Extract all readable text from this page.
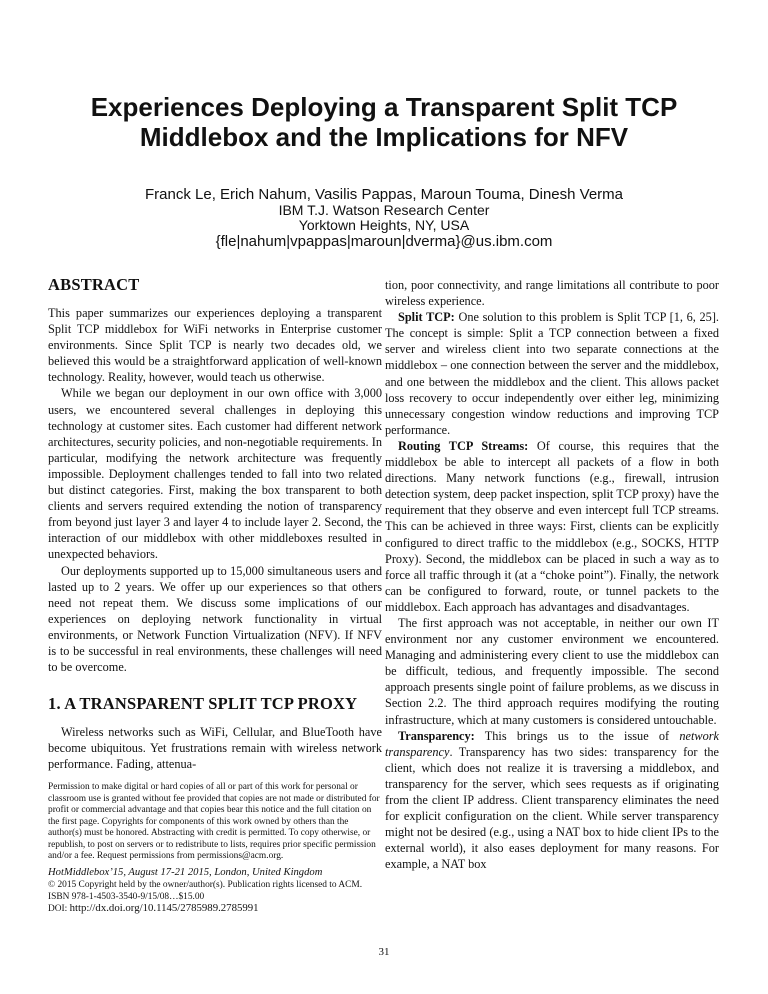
Experiences Deploying a Transparent Split TCP
Middlebox and the Implications for NFV
Franck Le, Erich Nahum, Vasilis Pappas, Maroun Touma, Dinesh Verma
IBM T.J. Watson Research Center
Yorktown Heights, NY, USA
{fle|nahum|vpappas|maroun|dverma}@us.ibm.com
ABSTRACT

This paper summarizes our experiences deploying a transparent Split TCP middlebox for WiFi networks in Enterprise customer environments. Since Split TCP is nearly two decades old, we believed this would be a straightforward application of well-known technology. Reality, however, would teach us otherwise.

While we began our deployment in our own office with 3,000 users, we encountered several challenges in deploying this technology at customer sites. Each customer had different network architectures, security policies, and non-negotiable requirements. In particular, modifying the network architecture was frequently impossible. Deployment challenges tended to fall into two related but distinct categories. First, making the box transparent to both clients and servers required extending the notion of transparency from beyond just layer 3 and layer 4 to include layer 2. Second, the interaction of our middlebox with other middleboxes resulted in unexpected behaviors.

Our deployments supported up to 15,000 simultaneous users and lasted up to 2 years. We offer up our experiences so that others need not repeat them. We discuss some implications of our experiences on deploying network functionality in virtual environments, or Network Function Virtualization (NFV). If NFV is to be successful in real environments, these challenges will need to be overcome.

1. A TRANSPARENT SPLIT TCP PROXY

Wireless networks such as WiFi, Cellular, and BlueTooth have become ubiquitous. Yet frustrations remain with wireless network performance. Fading, attenua-

Permission to make digital or hard copies of all or part of this work for personal or classroom use is granted without fee provided that copies are not made or distributed for profit or commercial advantage and that copies bear this notice and the full citation on the first page. Copyrights for components of this work owned by others than the author(s) must be honored. Abstracting with credit is permitted. To copy otherwise, or republish, to post on servers or to redistribute to lists, requires prior specific permission and/or a fee. Request permissions from permissions@acm.org.
HotMiddlebox’15, August 17-21 2015, London, United Kingdom
© 2015 Copyright held by the owner/author(s). Publication rights licensed to ACM. ISBN 978-1-4503-3540-9/15/08…$15.00
DOI: http://dx.doi.org/10.1145/2785989.2785991

tion, poor connectivity, and range limitations all contribute to poor wireless experience.

Split TCP: One solution to this problem is Split TCP [1, 6, 25]. The concept is simple: Split a TCP connection between a fixed server and wireless client into two separate connections at the middlebox – one connection between the server and the middlebox, and one between the middlebox and the client. This allows packet loss recovery to occur independently over either leg, minimizing unnecessary congestion window reductions and improving TCP performance.

Routing TCP Streams: Of course, this requires that the middlebox be able to intercept all packets of a flow in both directions. Many network functions (e.g., firewall, intrusion detection system, deep packet inspection, split TCP proxy) have the requirement that they observe and even intercept full TCP streams. This can be achieved in three ways: First, clients can be explicitly configured to direct traffic to the middlebox (e.g., SOCKS, HTTP Proxy). Second, the middlebox can be placed in such a way as to force all traffic through it (at a “choke point”). Finally, the network can be configured to forward, route, or tunnel packets to the middlebox. Each approach has advantages and disadvantages.

The first approach was not acceptable, in neither our own IT environment nor any customer environment we encountered. Managing and administering every client to use the middlebox can be difficult, tedious, and frequently impossible. The second approach presents single point of failure problems, as we discuss in Section 2.2. The third approach requires modifying the routing infrastructure, which at many customers is considered untouchable.

Transparency: This brings us to the issue of network transparency. Transparency has two sides: transparency for the client, which does not realize it is traversing a middlebox, and transparency for the server, which sees requests as if originating from the client IP address. Client transparency eliminates the need for explicit configuration on the client. While server transparency might not be desired (e.g., using a NAT box to hide client IPs to the external world), it also eases deployment for many reasons. For example, a NAT box

31
